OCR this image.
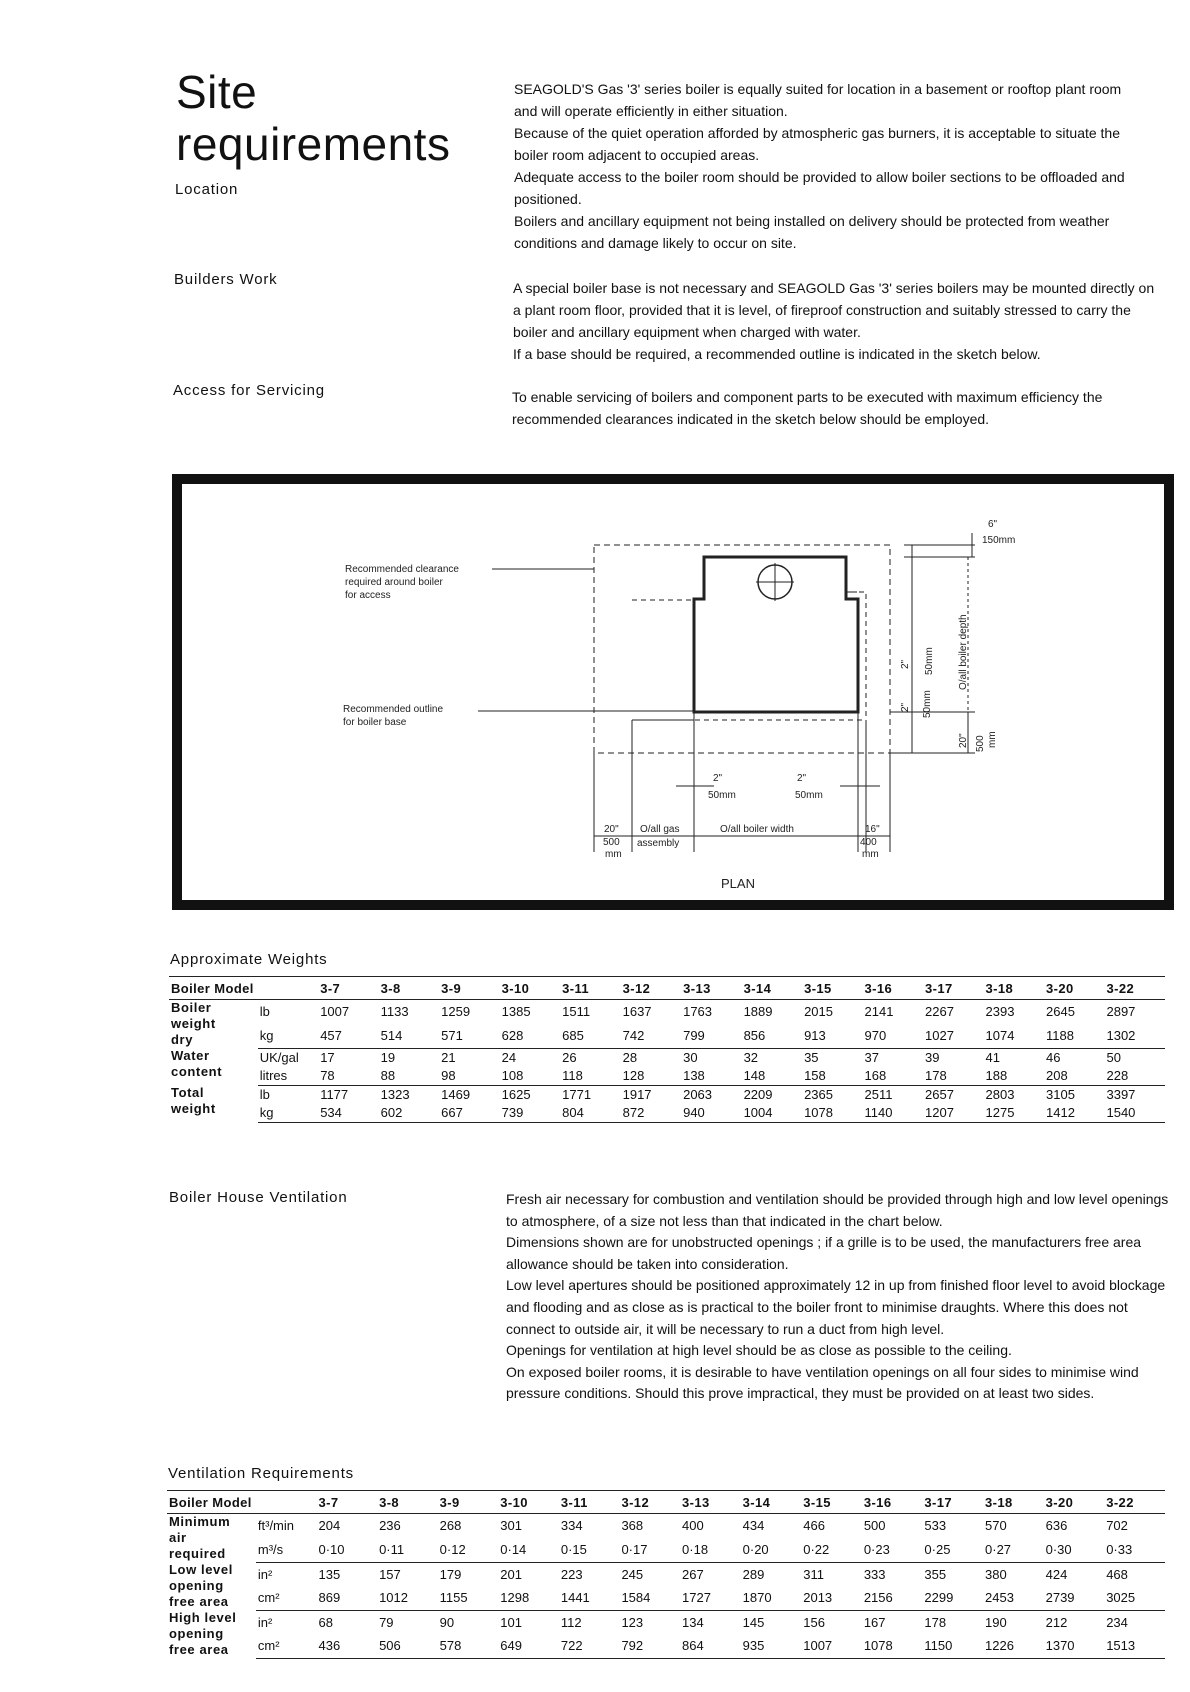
Site
requirements
Location
Builders Work
Access for Servicing
Boiler House Ventilation

SEAGOLD'S Gas '3' series boiler is equally suited for location in a basement or rooftop plant room and will operate efficiently in either situation.

Because of the quiet operation afforded by atmospheric gas burners, it is acceptable to situate the boiler room adjacent to occupied areas.

Adequate access to the boiler room should be provided to allow boiler sections to be offloaded and positioned.

Boilers and ancillary equipment not being installed on delivery should be protected from weather conditions and damage likely to occur on site.

A special boiler base is not necessary and SEAGOLD Gas '3' series boilers may be mounted directly on a plant room floor, provided that it is level, of fireproof construction and suitably stressed to carry the boiler and ancillary equipment when charged with water.

If a base should be required, a recommended outline is indicated in the sketch below.

To enable servicing of boilers and component parts to be executed with maximum efficiency the recommended clearances indicated in the sketch below should be employed.

Recommended clearance
required around boiler
for access
Recommended outline
for boiler base
6"
150mm
2" 50mm
2" 50mm
O/all boiler depth
20" 500 mm
2"
50mm
2"
50mm
20"
500
mm
O/all gas
assembly
O/all boiler width	16"
400
mm
PLAN
Approximate Weights
Boiler Model		3-7	3-8	3-9	3-10	3-11	3-12	3-13	3-14	3-15	3-16	3-17	3-18	3-20	3-22

Boiler
weight
dry	lb	1007	1133	1259	1385	1511	1637	1763	1889	2015	2141	2267	2393	2645	2897
	kg	457	514	571	628	685	742	799	856	913	970	1027	1074	1188	1302

Water
content	UK/gal	17	19	21	24	26	28	30	32	35	37	39	41	46	50
	litres	78	88	98	108	118	128	138	148	158	168	178	188	208	228

Total
weight	lb	1177	1323	1469	1625	1771	1917	2063	2209	2365	2511	2657	2803	3105	3397
	kg	534	602	667	739	804	872	940	1004	1078	1140	1207	1275	1412	1540

Fresh air necessary for combustion and ventilation should be provided through high and low level openings to atmosphere, of a size not less than that indicated in the chart below.

Dimensions shown are for unobstructed openings ; if a grille is to be used, the manufacturers free area allowance should be taken into consideration.

Low level apertures should be positioned approximately 12 in up from finished floor level to avoid blockage and flooding and as close as is practical to the boiler front to minimise draughts. Where this does not connect to outside air, it will be necessary to run a duct from high level.

Openings for ventilation at high level should be as close as possible to the ceiling.

On exposed boiler rooms, it is desirable to have ventilation openings on all four sides to minimise wind pressure conditions. Should this prove impractical, they must be provided on at least two sides.

Ventilation Requirements
Boiler Model		3-7	3-8	3-9	3-10	3-11	3-12	3-13	3-14	3-15	3-16	3-17	3-18	3-20	3-22

Minimum
air
required	ft³/min	204	236	268	301	334	368	400	434	466	500	533	570	636	702
	m³/s	0·10	0·11	0·12	0·14	0·15	0·17	0·18	0·20	0·22	0·23	0·25	0·27	0·30	0·33

Low level
opening
free area	in²	135	157	179	201	223	245	267	289	311	333	355	380	424	468
	cm²	869	1012	1155	1298	1441	1584	1727	1870	2013	2156	2299	2453	2739	3025

High level
opening
free area	in²	68	79	90	101	112	123	134	145	156	167	178	190	212	234
	cm²	436	506	578	649	722	792	864	935	1007	1078	1150	1226	1370	1513
